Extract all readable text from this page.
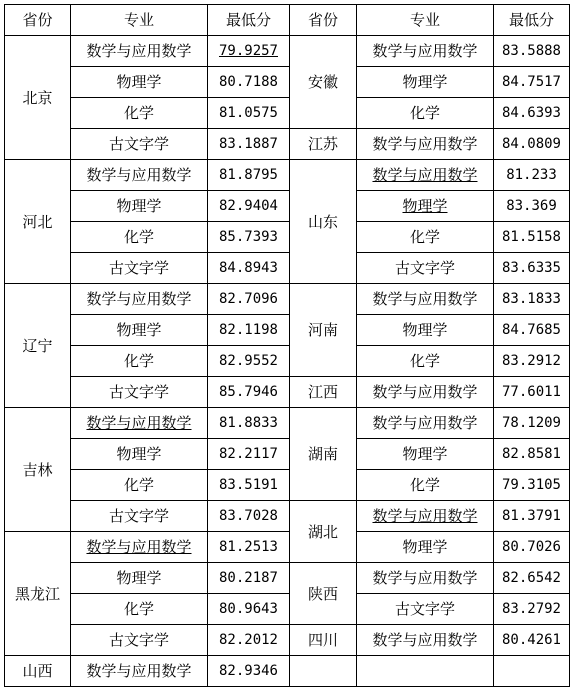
省份	专业	最低分	省份	专业	最低分
北京	数学与应用数学	79.9257	安徽	数学与应用数学	83.5888
	物理学	80.7188		物理学	84.7517
	化学	81.0575		化学	84.6393
	古文字学	83.1887	江苏	数学与应用数学	84.0809
河北	数学与应用数学	81.8795	山东	数学与应用数学	81.233
	物理学	82.9404		物理学	83.369
	化学	85.7393		化学	81.5158
	古文字学	84.8943		古文字学	83.6335
辽宁	数学与应用数学	82.7096	河南	数学与应用数学	83.1833
	物理学	82.1198		物理学	84.7685
	化学	82.9552		化学	83.2912
	古文字学	85.7946	江西	数学与应用数学	77.6011
吉林	数学与应用数学	81.8833	湖南	数学与应用数学	78.1209
	物理学	82.2117		物理学	82.8581
	化学	83.5191		化学	79.3105
	古文字学	83.7028	湖北	数学与应用数学	81.3791
黑龙江	数学与应用数学	81.2513		物理学	80.7026
	物理学	80.2187	陕西	数学与应用数学	82.6542
	化学	80.9643		古文字学	83.2792
	古文字学	82.2012	四川	数学与应用数学	80.4261
山西	数学与应用数学	82.9346			
